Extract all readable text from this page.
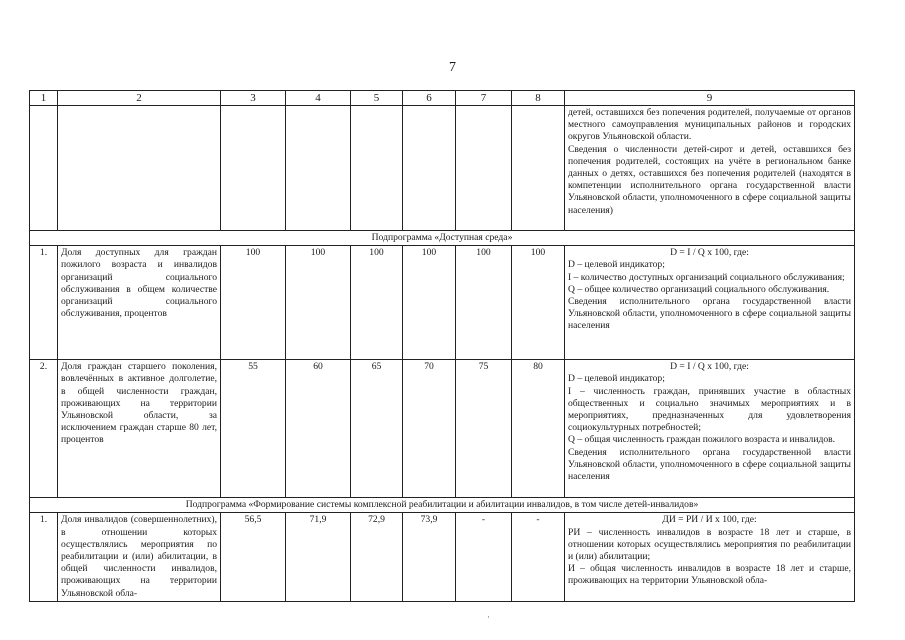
7
1	2	3	4	5	6	7	8	9

								детей, оставшихся без попечения родителей, получаемые от органов местного самоуправления муниципальных районов и городских округов Ульяновской области.

Сведения о численности детей-сирот и детей, оставшихся без попечения родителей, состоящих на учёте в региональном банке данных о детях, оставшихся без попечения родителей (находятся в компетенции исполнительного органа государственной власти Ульяновской области, уполномоченного в сфере социальной защиты населения)

Подпрограмма «Доступная среда»								
1.	Доля доступных для граждан пожилого возраста и инвалидов организаций социального обслуживания в общем количестве организаций социального обслуживания, процентов	100	100	100	100	100	100	D = I / Q x 100, где:

D – целевой индикатор;

I – количество доступных организаций социального обслуживания;

Q – общее количество организаций социального обслуживания.

Сведения исполнительного органа государственной власти Ульяновской области, уполномоченного в сфере социальной защиты населения

2.	Доля граждан старшего поколения, вовлечённых в активное долголетие, в общей численности граждан, проживающих на территории Ульяновской области, за исключением граждан старше 80 лет, процентов	55	60	65	70	75	80	D = I / Q x 100, где:

D – целевой индикатор;

I – численность граждан, принявших участие в областных общественных и социально значимых мероприятиях и в мероприятиях, предназначенных для удовлетворения социокультурных потребностей;

Q – общая численность граждан пожилого возраста и инвалидов.

Сведения исполнительного органа государственной власти Ульяновской области, уполномоченного в сфере социальной защиты населения

Подпрограмма «Формирование системы комплексной реабилитации и абилитации инвалидов, в том числе детей-инвалидов»								
1.	Доля инвалидов (совершеннолетних), в отношении которых осуществлялись мероприятия по реабилитации и (или) абилитации, в общей численности инвалидов, проживающих на территории Ульяновской обла-	56,5	71,9	72,9	73,9	-	-	ДИ = РИ / И x 100, где:

РИ – численность инвалидов в возрасте 18 лет и старше, в отношении которых осуществлялись мероприятия по реабилитации и (или) абилитации;

И – общая численность инвалидов в возрасте 18 лет и старше, проживающих на территории Ульяновской обла-

·
